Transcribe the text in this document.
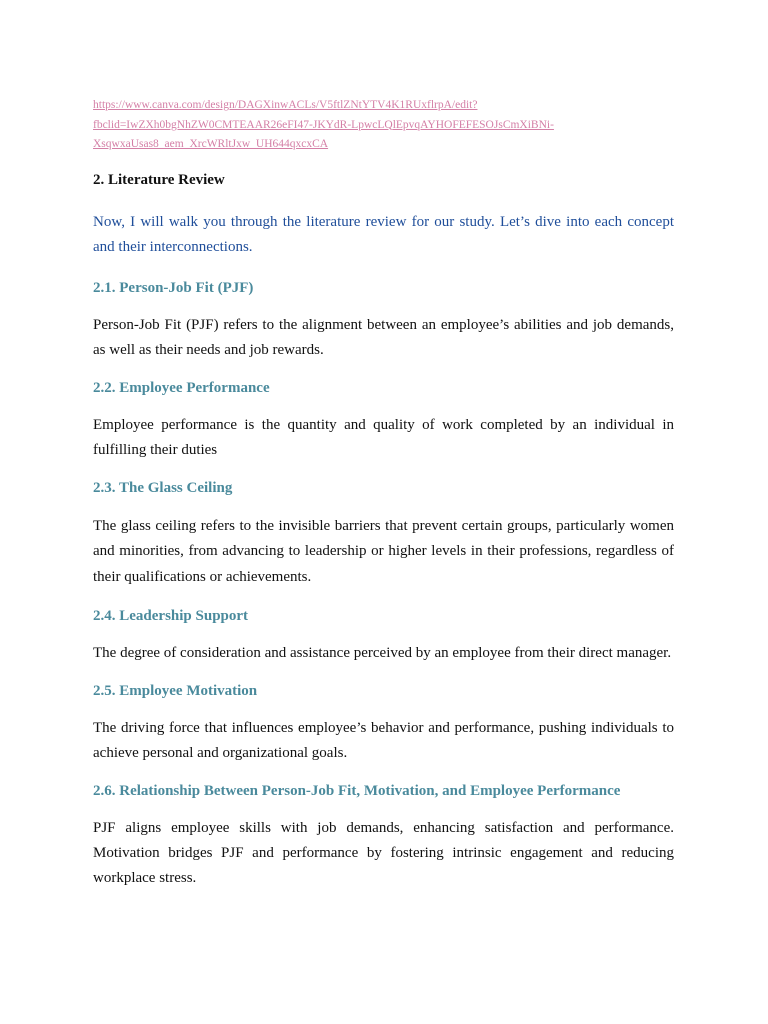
https://www.canva.com/design/DAGXinwACLs/V5ftlZNtYTV4K1RUxflrpA/edit?
fbclid=IwZXh0bgNhZW0CMTEAAR26eFI47-JKYdR-LpwcLQlEpvqAYHOFEFESOJsCmXiBNi-
XsqwxaUsas8_aem_XrcWRltJxw_UH644qxcxCA
2. Literature Review
Now, I will walk you through the literature review for our study. Let’s dive into each concept and their interconnections.
2.1. Person-Job Fit (PJF)
Person-Job Fit (PJF) refers to the alignment between an employee’s abilities and job demands, as well as their needs and job rewards.
2.2. Employee Performance
Employee performance is the quantity and quality of work completed by an individual in fulfilling their duties
2.3. The Glass Ceiling
The glass ceiling refers to the invisible barriers that prevent certain groups, particularly women and minorities, from advancing to leadership or higher levels in their professions, regardless of their qualifications or achievements.
2.4. Leadership Support
The degree of consideration and assistance perceived by an employee from their direct manager.
2.5. Employee Motivation
The driving force that influences employee’s behavior and performance, pushing individuals to achieve personal and organizational goals.
2.6. Relationship Between Person-Job Fit, Motivation, and Employee Performance
PJF aligns employee skills with job demands, enhancing satisfaction and performance. Motivation bridges PJF and performance by fostering intrinsic engagement and reducing workplace stress.
